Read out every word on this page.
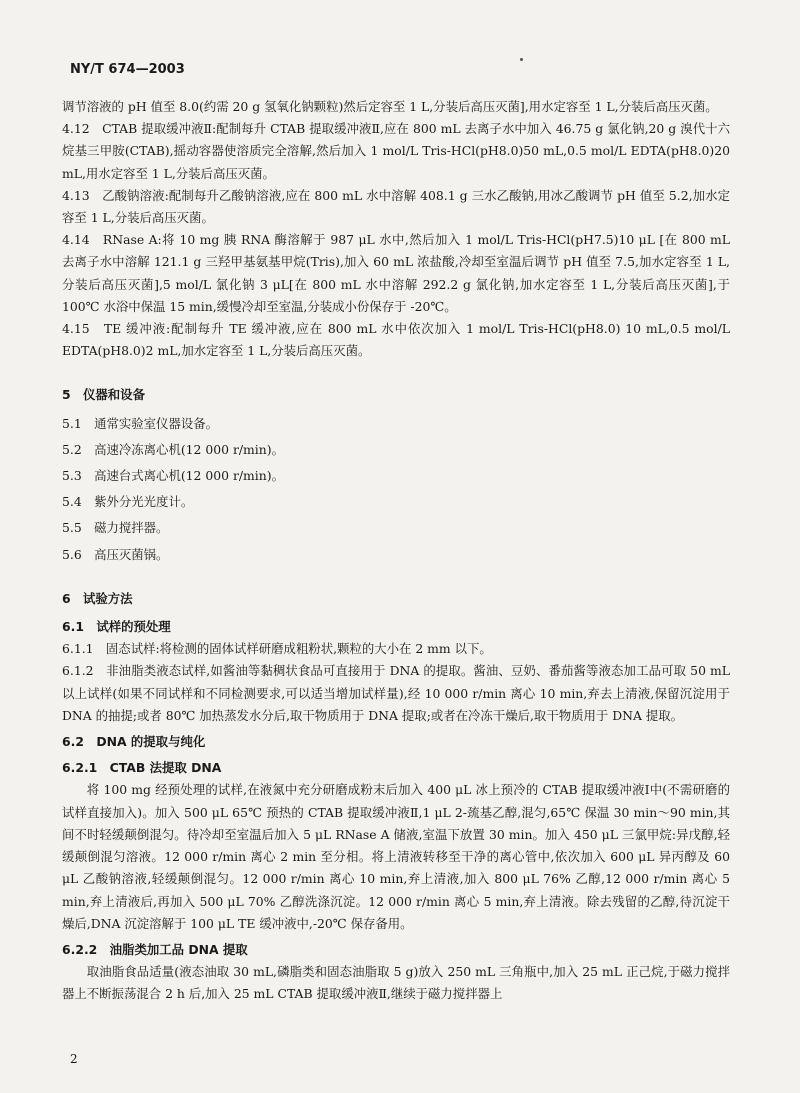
NY/T 674—2003

调节溶液的 pH 值至 8.0(约需 20 g 氢氧化钠颗粒)然后定容至 1 L,分装后高压灭菌],用水定容至 1 L,分装后高压灭菌。

4.12　CTAB 提取缓冲液Ⅱ:配制每升 CTAB 提取缓冲液Ⅱ,应在 800 mL 去离子水中加入 46.75 g 氯化钠,20 g 溴代十六烷基三甲胺(CTAB),摇动容器使溶质完全溶解,然后加入 1 mol/L Tris-HCl(pH8.0)50 mL,0.5 mol/L EDTA(pH8.0)20 mL,用水定容至 1 L,分装后高压灭菌。

4.13　乙酸钠溶液:配制每升乙酸钠溶液,应在 800 mL 水中溶解 408.1 g 三水乙酸钠,用冰乙酸调节 pH 值至 5.2,加水定容至 1 L,分装后高压灭菌。

4.14　RNase A:将 10 mg 胰 RNA 酶溶解于 987 μL 水中,然后加入 1 mol/L Tris-HCl(pH7.5)10 μL [在 800 mL 去离子水中溶解 121.1 g 三羟甲基氨基甲烷(Tris),加入 60 mL 浓盐酸,冷却至室温后调节 pH 值至 7.5,加水定容至 1 L,分装后高压灭菌],5 mol/L 氯化钠 3 μL[在 800 mL 水中溶解 292.2 g 氯化钠,加水定容至 1 L,分装后高压灭菌],于 100℃ 水浴中保温 15 min,缓慢冷却至室温,分装成小份保存于 -20℃。

4.15　TE 缓冲液:配制每升 TE 缓冲液,应在 800 mL 水中依次加入 1 mol/L Tris-HCl(pH8.0) 10 mL,0.5 mol/L EDTA(pH8.0)2 mL,加水定容至 1 L,分装后高压灭菌。

5　仪器和设备
5.1　通常实验室仪器设备。
5.2　高速冷冻离心机(12 000 r/min)。
5.3　高速台式离心机(12 000 r/min)。
5.4　紫外分光光度计。
5.5　磁力搅拌器。
5.6　高压灭菌锅。
6　试验方法
6.1　试样的预处理

6.1.1　固态试样:将检测的固体试样研磨成粗粉状,颗粒的大小在 2 mm 以下。

6.1.2　非油脂类液态试样,如酱油等黏稠状食品可直接用于 DNA 的提取。酱油、豆奶、番茄酱等液态加工品可取 50 mL 以上试样(如果不同试样和不同检测要求,可以适当增加试样量),经 10 000 r/min 离心 10 min,弃去上清液,保留沉淀用于 DNA 的抽提;或者 80℃ 加热蒸发水分后,取干物质用于 DNA 提取;或者在冷冻干燥后,取干物质用于 DNA 提取。

6.2　DNA 的提取与纯化
6.2.1　CTAB 法提取 DNA

将 100 mg 经预处理的试样,在液氮中充分研磨成粉末后加入 400 μL 冰上预冷的 CTAB 提取缓冲液Ⅰ中(不需研磨的试样直接加入)。加入 500 μL 65℃ 预热的 CTAB 提取缓冲液Ⅱ,1 μL 2-巯基乙醇,混匀,65℃ 保温 30 min～90 min,其间不时轻缓颠倒混匀。待冷却至室温后加入 5 μL RNase A 储液,室温下放置 30 min。加入 450 μL 三氯甲烷:异戊醇,轻缓颠倒混匀溶液。12 000 r/min 离心 2 min 至分相。将上清液转移至干净的离心管中,依次加入 600 μL 异丙醇及 60 μL 乙酸钠溶液,轻缓颠倒混匀。12 000 r/min 离心 10 min,弃上清液,加入 800 μL 76% 乙醇,12 000 r/min 离心 5 min,弃上清液后,再加入 500 μL 70% 乙醇洗涤沉淀。12 000 r/min 离心 5 min,弃上清液。除去残留的乙醇,待沉淀干燥后,DNA 沉淀溶解于 100 μL TE 缓冲液中,-20℃ 保存备用。

6.2.2　油脂类加工品 DNA 提取

取油脂食品适量(液态油取 30 mL,磷脂类和固态油脂取 5 g)放入 250 mL 三角瓶中,加入 25 mL 正己烷,于磁力搅拌器上不断振荡混合 2 h 后,加入 25 mL CTAB 提取缓冲液Ⅱ,继续于磁力搅拌器上

2
